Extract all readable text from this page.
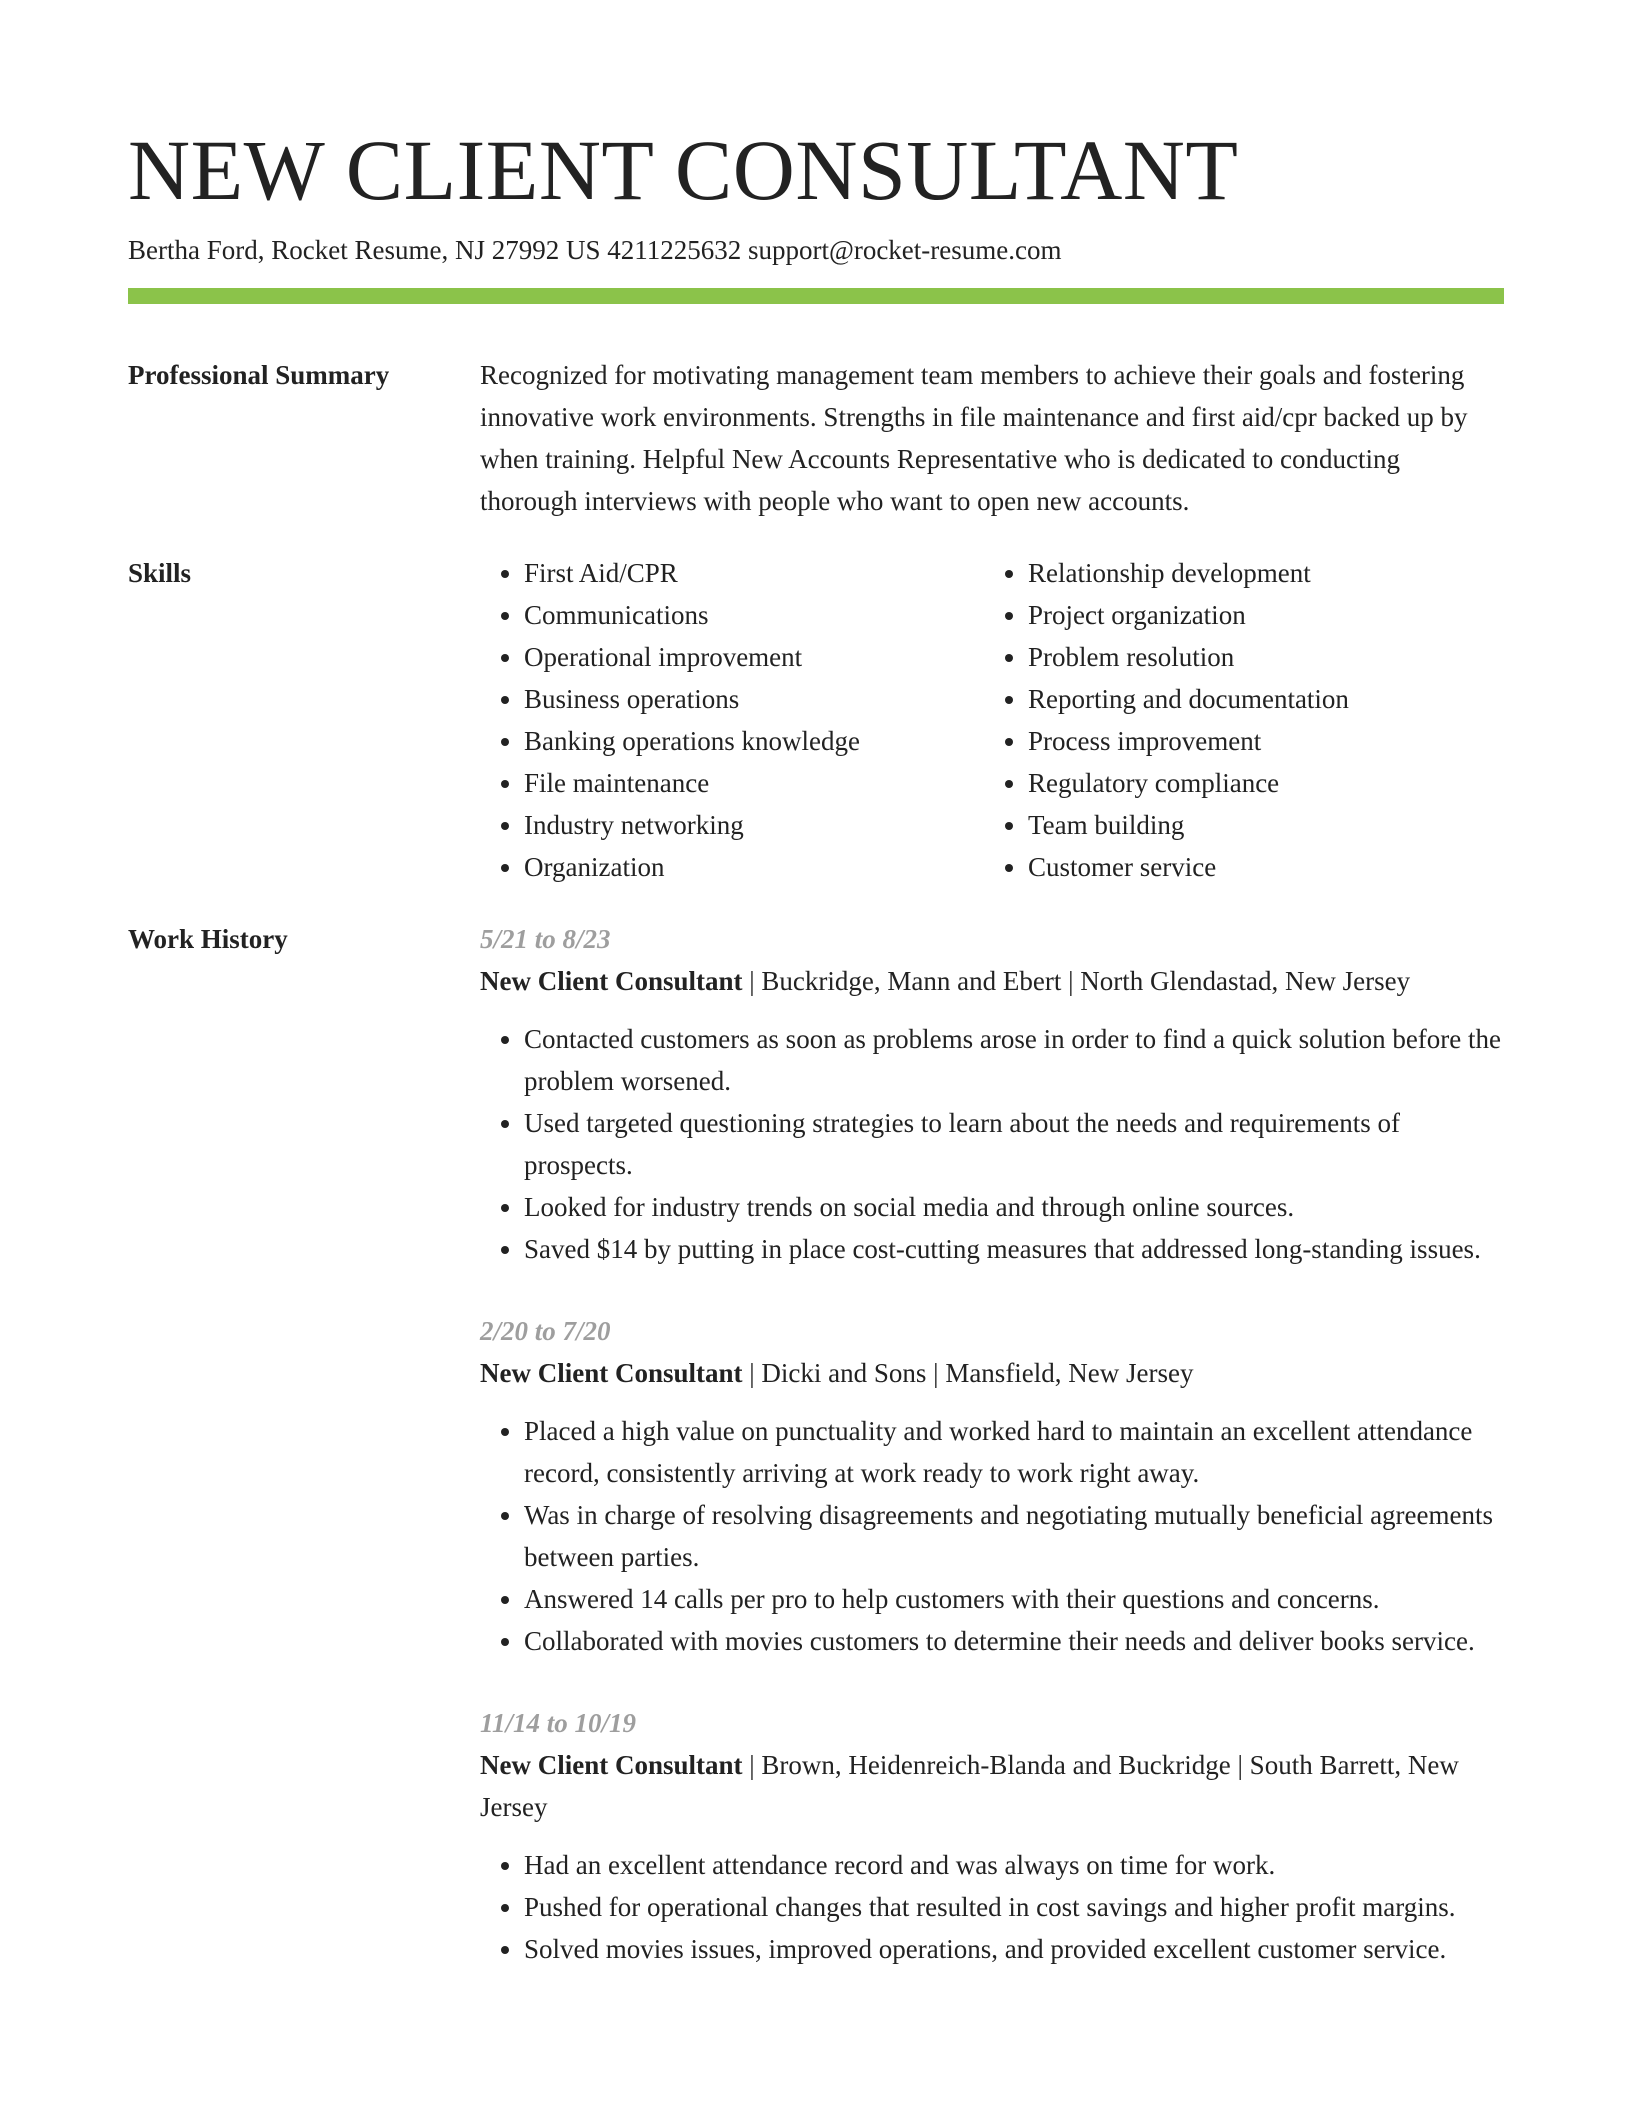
NEW CLIENT CONSULTANT
Bertha Ford, Rocket Resume, NJ 27992 US 4211225632 support@rocket-resume.com
Professional Summary	Recognized for motivating management team members to achieve their goals and fostering innovative work environments. Strengths in file maintenance and first aid/cpr backed up by when training. Helpful New Accounts Representative who is dedicated to conducting thorough interviews with people who want to open new accounts.

Skills
•	First Aid/CPR
• Communications
• Operational improvement
• Business operations
• Banking operations knowledge
• File maintenance
• Industry networking
• Organization
• Relationship development
• Project organization
• Problem resolution
• Reporting and documentation
• Process improvement
• Regulatory compliance
• Team building
• Customer service
Work History	5/21 to 8/23
New Client Consultant | Buckridge, Mann and Ebert | North Glendastad, New Jersey
• Contacted customers as soon as problems arose in order to find a quick solution before the problem worsened.
• Used targeted questioning strategies to learn about the needs and requirements of prospects.
• Looked for industry trends on social media and through online sources.
• Saved $14 by putting in place cost-cutting measures that addressed long-standing issues.
2/20 to 7/20
New Client Consultant | Dicki and Sons | Mansfield, New Jersey
• Placed a high value on punctuality and worked hard to maintain an excellent attendance record, consistently arriving at work ready to work right away.
• Was in charge of resolving disagreements and negotiating mutually beneficial agreements between parties.
• Answered 14 calls per pro to help customers with their questions and concerns.
• Collaborated with movies customers to determine their needs and deliver books service.
11/14 to 10/19
New Client Consultant | Brown, Heidenreich-Blanda and Buckridge | South Barrett, New Jersey
• Had an excellent attendance record and was always on time for work.
• Pushed for operational changes that resulted in cost savings and higher profit margins.
• Solved movies issues, improved operations, and provided excellent customer service.
